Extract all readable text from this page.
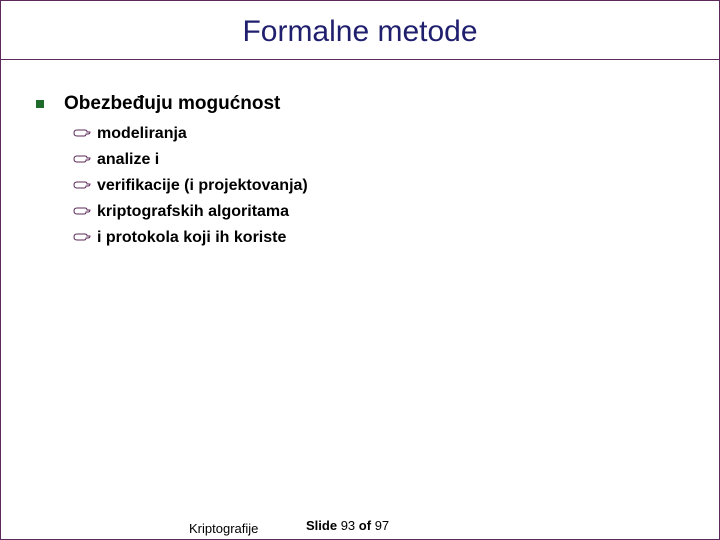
Formalne metode
Obezbeđuju mogućnost
modeliranja
analize i
verifikacije (i projektovanja)
kriptografskih algoritama
i protokola koji ih koriste
Kriptografije	Slide 93 of 97
